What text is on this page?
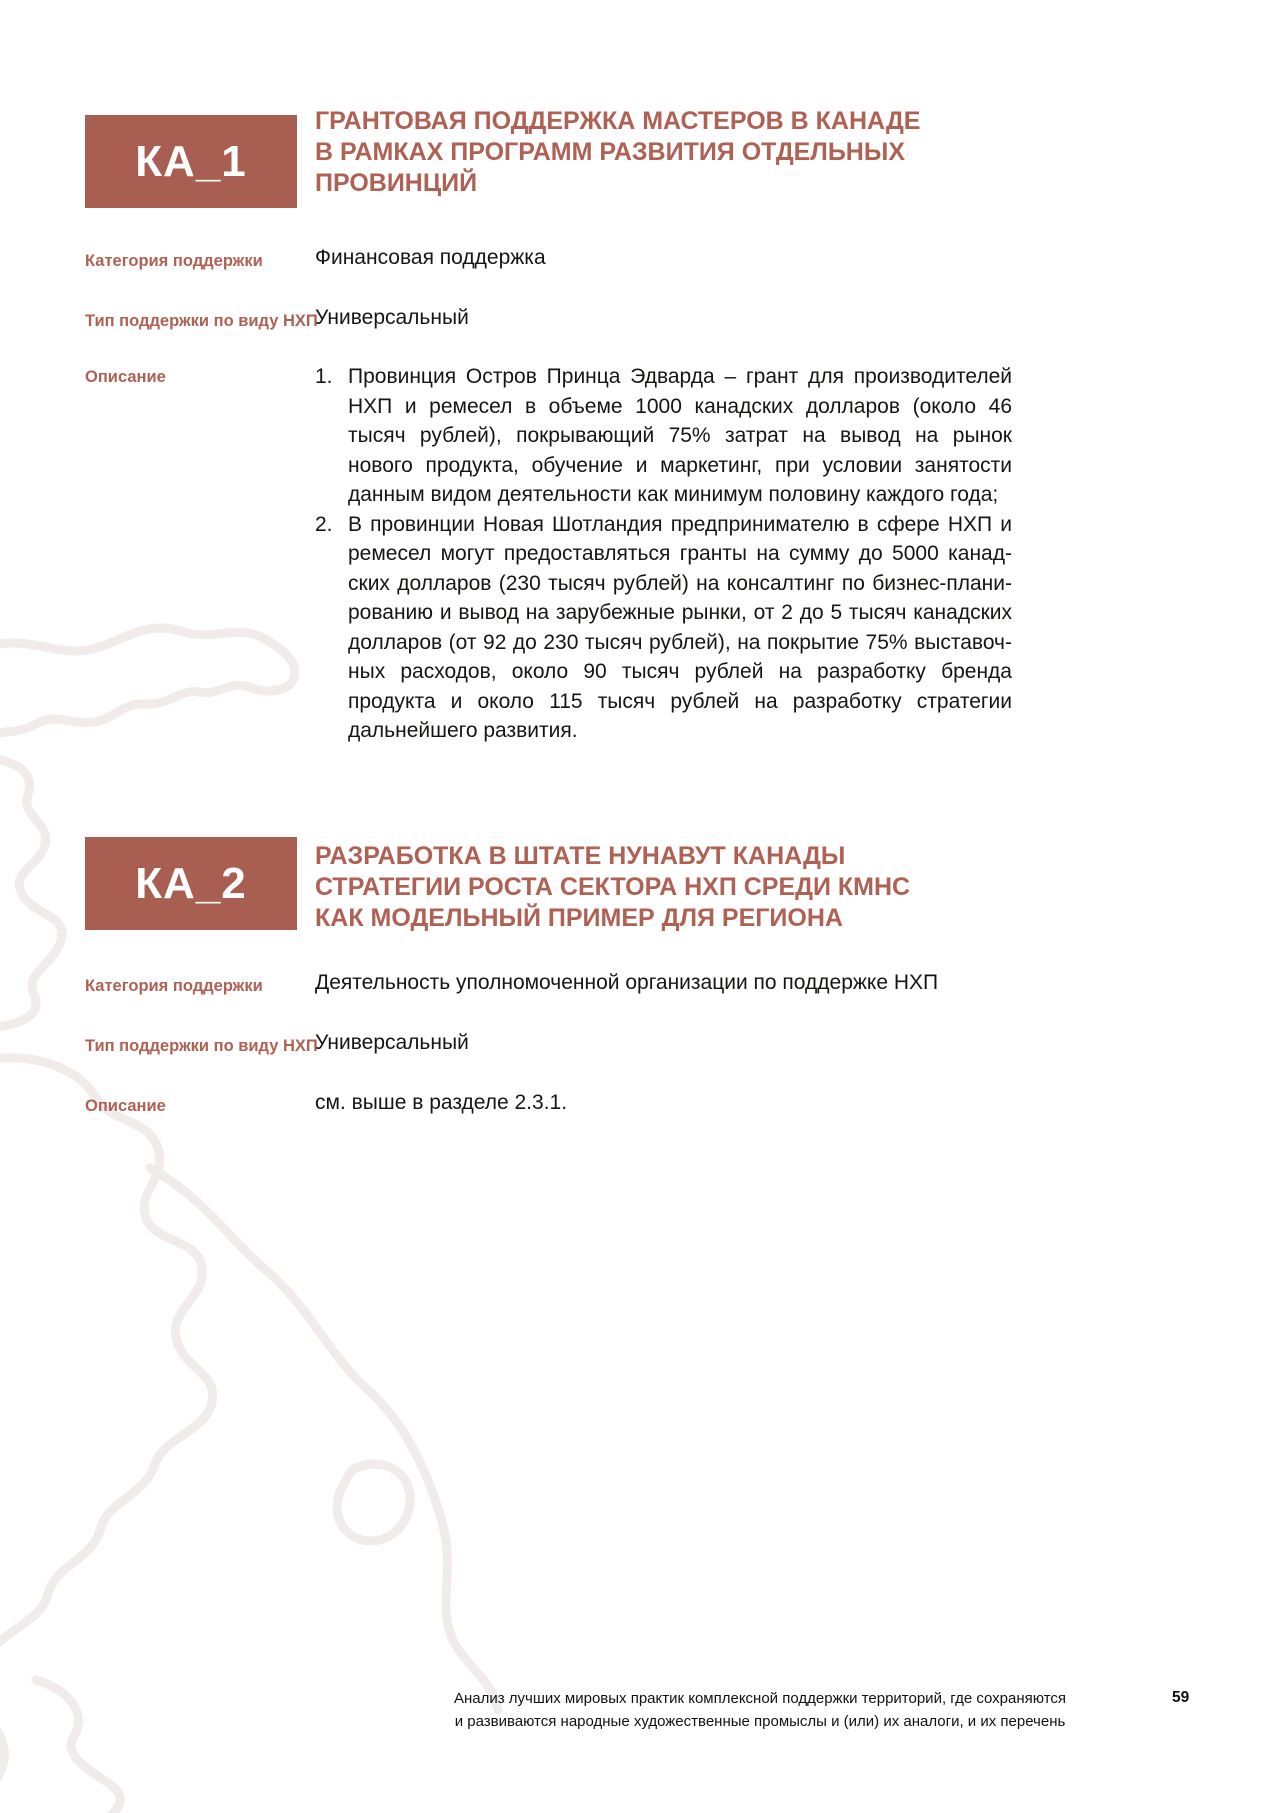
КА_1
ГРАНТОВАЯ ПОДДЕРЖКА МАСТЕРОВ В КАНАДЕ
В РАМКАХ ПРОГРАММ РАЗВИТИЯ ОТДЕЛЬНЫХ
ПРОВИНЦИЙ
Категория поддержки Финансовая поддержка
Тип поддержки по виду НХП
Универсальный
Описание	1. Провинция Остров Принца Эдварда – грант для производителей НХП и ремесел в объеме 1000 канадских долларов (около 46 тысяч рублей), покрывающий 75% затрат на вывод на рынок нового продукта, обучение и маркетинг, при условии занятости данным видом деятельности как минимум половину каждого года;
2. В провинции Новая Шотландия предпринимателю в сфере НХП и ремесел могут предоставляться гранты на сумму до 5000 канадских долларов (230 тысяч рублей) на консалтинг по бизнес-планированию и вывод на зарубежные рынки, от 2 до 5 тысяч канадских долларов (от 92 до 230 тысяч рублей), на покрытие 75% выставочных расходов, около 90 тысяч рублей на разработку бренда продукта и около 115 тысяч рублей на разработку стратегии дальнейшего развития.
КА_2
РАЗРАБОТКА В ШТАТЕ НУНАВУТ КАНАДЫ
СТРАТЕГИИ РОСТА СЕКТОРА НХП СРЕДИ КМНС
КАК МОДЕЛЬНЫЙ ПРИМЕР ДЛЯ РЕГИОНА
Категория поддержки Деятельность уполномоченной организации по поддержке НХП
Тип поддержки по виду НХП
Универсальный
Описание	см. выше в разделе 2.3.1.
Анализ лучших мировых практик комплексной поддержки территорий, где сохраняются
и развиваются народные художественные промыслы и (или) их аналоги, и их перечень
59
